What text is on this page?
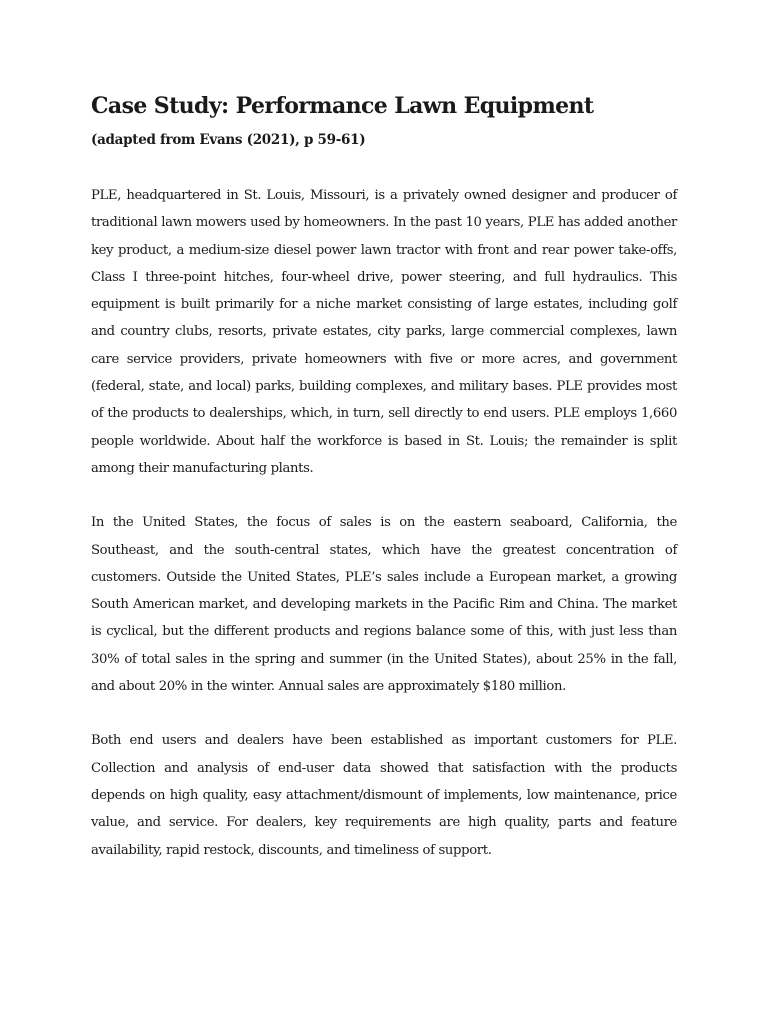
Case Study: Performance Lawn Equipment

(adapted from Evans (2021), p 59-61)

PLE, headquartered in St. Louis, Missouri, is a privately owned designer and producer of traditional lawn mowers used by homeowners. In the past 10 years, PLE has added another key product, a medium-size diesel power lawn tractor with front and rear power take-offs, Class I three-point hitches, four-wheel drive, power steering, and full hydraulics. This equipment is built primarily for a niche market consisting of large estates, including golf and country clubs, resorts, private estates, city parks, large commercial complexes, lawn care service providers, private homeowners with five or more acres, and government (federal, state, and local) parks, building complexes, and military bases. PLE provides most of the products to dealerships, which, in turn, sell directly to end users. PLE employs 1,660 people worldwide. About half the workforce is based in St. Louis; the remainder is split among their manufacturing plants.

In the United States, the focus of sales is on the eastern seaboard, California, the Southeast, and the south-central states, which have the greatest concentration of customers. Outside the United States, PLE’s sales include a European market, a growing South American market, and developing markets in the Pacific Rim and China. The market is cyclical, but the different products and regions balance some of this, with just less than 30% of total sales in the spring and summer (in the United States), about 25% in the fall, and about 20% in the winter. Annual sales are approximately $180 million.

Both end users and dealers have been established as important customers for PLE. Collection and analysis of end-user data showed that satisfaction with the products depends on high quality, easy attachment/dismount of implements, low maintenance, price value, and service. For dealers, key requirements are high quality, parts and feature availability, rapid restock, discounts, and timeliness of support.
